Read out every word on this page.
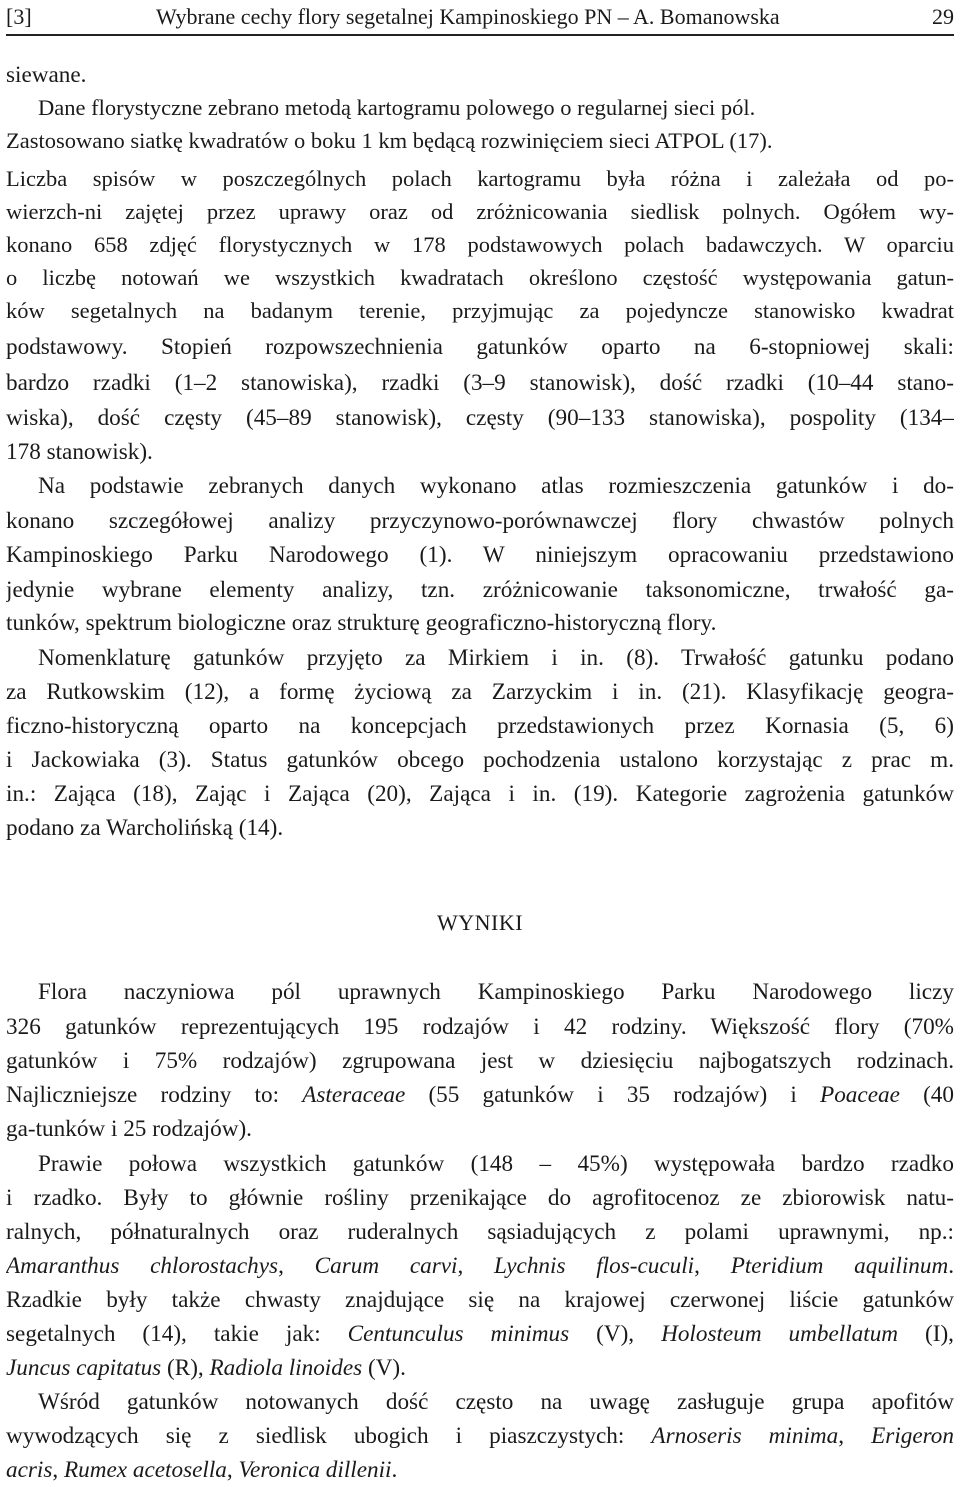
[3]	Wybrane cechy flory segetalnej Kampinoskiego PN – A. Bomanowska	29
siewane.
Dane florystyczne zebrano metodą kartogramu polowego o regularnej sieci pól.
Zastosowano siatkę kwadratów o boku 1 km będącą rozwinięciem sieci ATPOL (17).
Liczba spisów w poszczególnych polach kartogramu była różna i zależała od po-
wierzch-ni zajętej przez uprawy oraz od zróżnicowania siedlisk polnych. Ogółem wy-
konano 658 zdjęć florystycznych w 178 podstawowych polach badawczych. W oparciu
o liczbę notowań we wszystkich kwadratach określono częstość występowania gatun-
ków segetalnych na badanym terenie, przyjmując za pojedyncze stanowisko kwadrat
podstawowy. Stopień rozpowszechnienia gatunków oparto na 6-stopniowej skali:
bardzo rzadki (1–2 stanowiska), rzadki (3–9 stanowisk), dość rzadki (10–44 stano-
wiska), dość częsty (45–89 stanowisk), częsty (90–133 stanowiska), pospolity (134–
178 stanowisk).
Na podstawie zebranych danych wykonano atlas rozmieszczenia gatunków i do-
konano szczegółowej analizy przyczynowo-porównawczej flory chwastów polnych
Kampinoskiego Parku Narodowego (1). W niniejszym opracowaniu przedstawiono
jedynie wybrane elementy analizy, tzn. zróżnicowanie taksonomiczne, trwałość ga-
tunków, spektrum biologiczne oraz strukturę geograficzno-historyczną flory.
Nomenklaturę gatunków przyjęto za Mirkiem i in. (8). Trwałość gatunku podano
za Rutkowskim (12), a formę życiową za Zarzyckim i in. (21). Klasyfikację geogra-
ficzno-historyczną oparto na koncepcjach przedstawionych przez Kornasia (5, 6)
i Jackowiaka (3). Status gatunków obcego pochodzenia ustalono korzystając z prac m.
in.: Zająca (18), Zając i Zająca (20), Zająca i in. (19). Kategorie zagrożenia gatunków
podano za Warcholińską (14).
WYNIKI
Flora naczyniowa pól uprawnych Kampinoskiego Parku Narodowego liczy
326 gatunków reprezentujących 195 rodzajów i 42 rodziny. Większość flory (70%
gatunków i 75% rodzajów) zgrupowana jest w dziesięciu najbogatszych rodzinach.
Najliczniejsze rodziny to: Asteraceae (55 gatunków i 35 rodzajów) i Poaceae (40
ga-tunków i 25 rodzajów).
Prawie połowa wszystkich gatunków (148 – 45%) występowała bardzo rzadko
i rzadko. Były to głównie rośliny przenikające do agrofitocenoz ze zbiorowisk natu-
ralnych, półnaturalnych oraz ruderalnych sąsiadujących z polami uprawnymi, np.:
Amaranthus chlorostachys, Carum carvi, Lychnis flos-cuculi, Pteridium aquilinum.
Rzadkie były także chwasty znajdujące się na krajowej czerwonej liście gatunków
segetalnych (14), takie jak: Centunculus minimus (V), Holosteum umbellatum (I),
Juncus capitatus (R), Radiola linoides (V).
Wśród gatunków notowanych dość często na uwagę zasługuje grupa apofitów
wywodzących się z siedlisk ubogich i piaszczystych: Arnoseris minima, Erigeron
acris, Rumex acetosella, Veronica dillenii.
